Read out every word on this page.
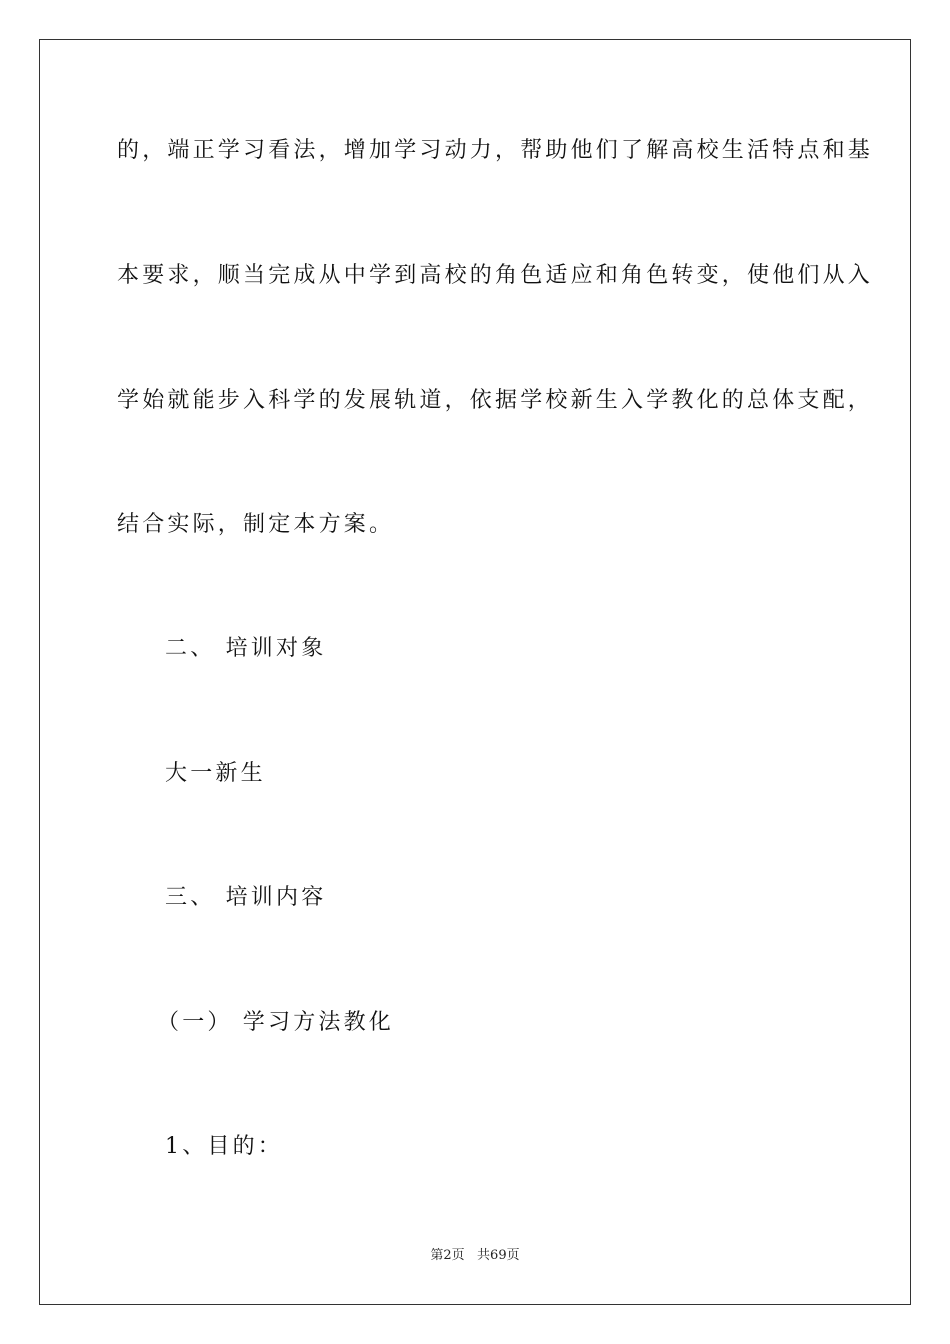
的，端正学习看法，增加学习动力，帮助他们了解高校生活特点和基
本要求，顺当完成从中学到高校的角色适应和角色转变，使他们从入
学始就能步入科学的发展轨道，依据学校新生入学教化的总体支配，
结合实际，制定本方案。
二、 培训对象
大一新生
三、 培训内容
（一） 学习方法教化
1、目的：
第2页   共69页
